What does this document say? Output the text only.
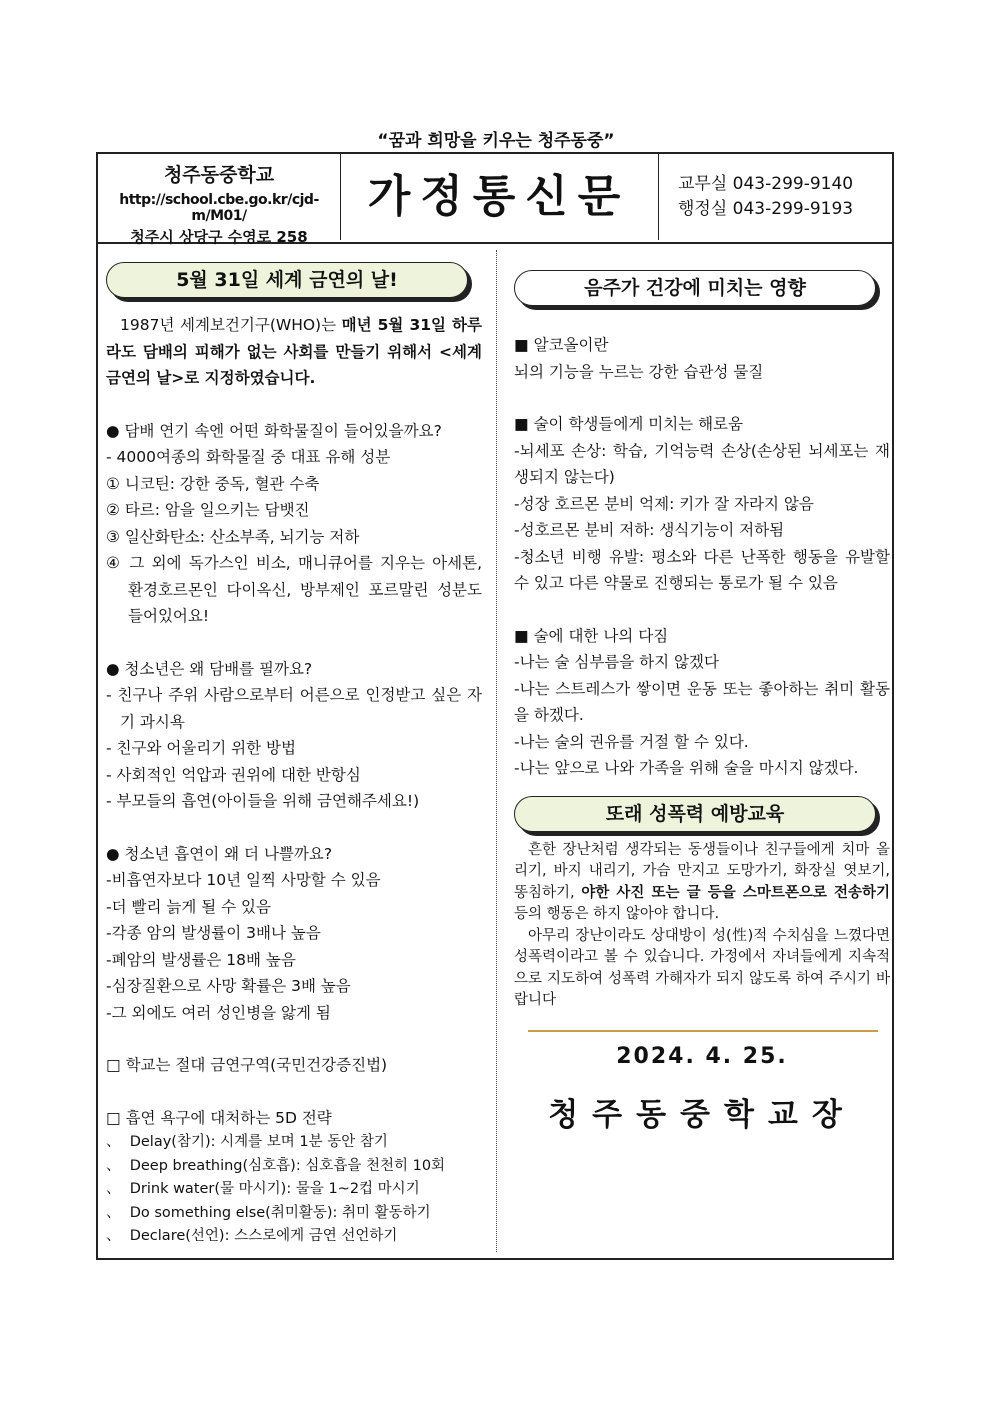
“꿈과 희망을 키우는 청주동중”
청주동중학교
http://school.cbe.go.kr/cjd-m/M01/
청주시 상당구 수영로 258
가정통신문	교무실 043-299-9140
행정실 043-299-9193
5월 31일 세계 금연의 날!

1987년 세계보건기구(WHO)는 매년 5월 31일 하루라도 담배의 피해가 없는 사회를 만들기 위해서 <세계 금연의 날>로 지정하였습니다.

● 담배 연기 속엔 어떤 화학물질이 들어있을까요?

- 4000여종의 화학물질 중 대표 유해 성분

① 니코틴: 강한 중독, 혈관 수축

② 타르: 암을 일으키는 담뱃진

③ 일산화탄소: 산소부족, 뇌기능 저하

④ 그 외에 독가스인 비소, 매니큐어를 지우는 아세톤, 환경호르몬인 다이옥신, 방부제인 포르말린 성분도 들어있어요!

● 청소년은 왜 담배를 필까요?

- 친구나 주위 사람으로부터 어른으로 인정받고 싶은 자기 과시욕

- 친구와 어울리기 위한 방법

- 사회적인 억압과 권위에 대한 반항심

- 부모들의 흡연(아이들을 위해 금연해주세요!)

● 청소년 흡연이 왜 더 나쁠까요?

-비흡연자보다 10년 일찍 사망할 수 있음

-더 빨리 늙게 될 수 있음

-각종 암의 발생률이 3배나 높음

-폐암의 발생률은 18배 높음

-심장질환으로 사망 확률은 3배 높음

-그 외에도 여러 성인병을 앓게 됨

□ 학교는 절대 금연구역(국민건강증진법)

□ 흡연 욕구에 대처하는 5D 전략

、 Delay(참기): 시계를 보며 1분 동안 참기
、 Deep breathing(심호흡): 심호흡을 천천히 10회
、 Drink water(물 마시기): 물을 1~2컵 마시기
、 Do something else(취미활동): 취미 활동하기
、 Declare(선언): 스스로에게 금연 선언하기
음주가 건강에 미치는 영향

■ 알코올이란

뇌의 기능을 누르는 강한 습관성 물질

■ 술이 학생들에게 미치는 해로움

-뇌세포 손상: 학습, 기억능력 손상(손상된 뇌세포는 재생되지 않는다)

-성장 호르몬 분비 억제: 키가 잘 자라지 않음

-성호르몬 분비 저하: 생식기능이 저하됨

-청소년 비행 유발: 평소와 다른 난폭한 행동을 유발할 수 있고 다른 약물로 진행되는 통로가 될 수 있음

■ 술에 대한 나의 다짐

-나는 술 심부름을 하지 않겠다

-나는 스트레스가 쌓이면 운동 또는 좋아하는 취미 활동을 하겠다.

-나는 술의 권유를 거절 할 수 있다.

-나는 앞으로 나와 가족을 위해 술을 마시지 않겠다.

또래 성폭력 예방교육

흔한 장난처럼 생각되는 동생들이나 친구들에게 치마 올리기, 바지 내리기, 가슴 만지고 도망가기, 화장실 엿보기, 똥침하기, 야한 사진 또는 글 등을 스마트폰으로 전송하기 등의 행동은 하지 않아야 합니다.

아무리 장난이라도 상대방이 성(性)적 수치심을 느꼈다면 성폭력이라고 볼 수 있습니다. 가정에서 자녀들에게 지속적으로 지도하여 성폭력 가해자가 되지 않도록 하여 주시기 바랍니다

2024. 4. 25.
청주동중학교장
